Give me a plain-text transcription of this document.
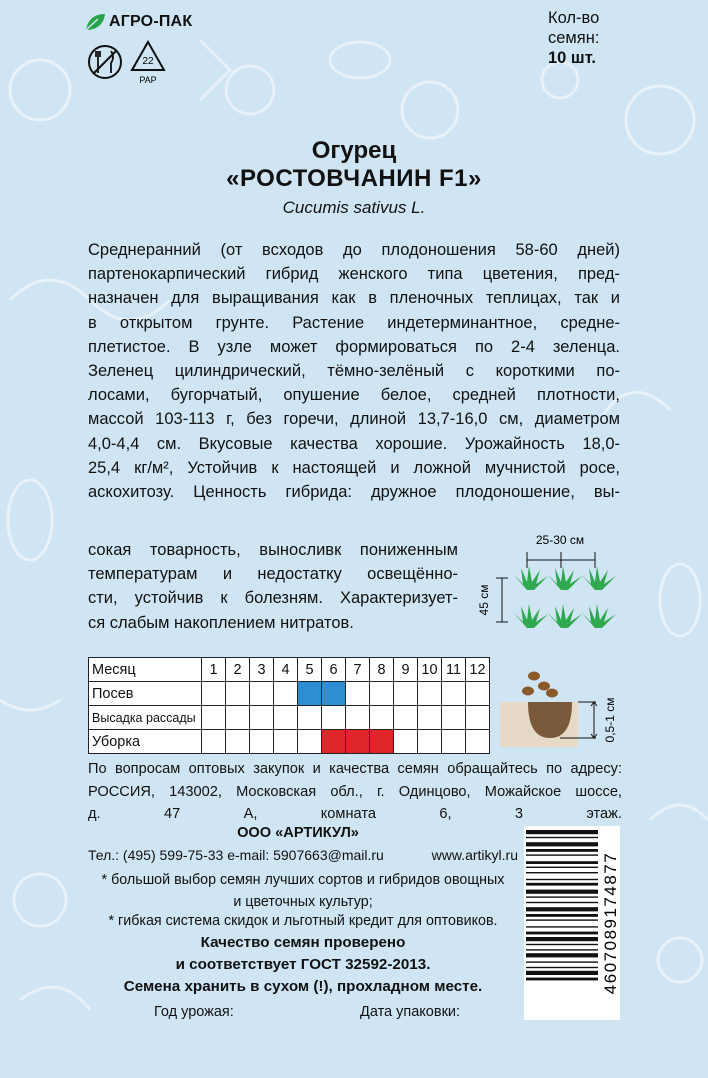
АГРО-ПАК
22
PAP
Кол-во
семян:
10 шт.
Огурец
«РОСТОВЧАНИН F1»
Cucumis sativus L.
Среднеранний (от всходов до плодоношения 58-60 дней)
партенокарпический гибрид женского типа цветения, пред-
назначен для выращивания как в пленочных теплицах, так и
в открытом грунте. Растение индетерминантное, средне-
плетистое. В узле может формироваться по 2-4 зеленца.
Зеленец цилиндрический, тёмно-зелёный с короткими по-
лосами, бугорчатый, опушение белое, средней плотности,
массой 103-113 г, без горечи, длиной 13,7-16,0 см, диаметром
4,0-4,4 см. Вкусовые качества хорошие. Урожайность 18,0-
25,4 кг/м², Устойчив к настоящей и ложной мучнистой росе,
аскохитозу. Ценность гибрида: дружное плодоношение, вы-
сокая товарность, выносливк пониженным
температурам и недостатку освещённо-
сти, устойчив к болезням. Характеризует-
ся слабым накоплением нитратов.
25-30 см
45 см
Месяц	1	2	3	4	5	6	7	8	9	10	11	12
Посев												
Высадка рассады												
Уборка													0,5-1 см
По вопросам оптовых закупок и качества семян обращайтесь по адресу:
РОССИЯ, 143002, Московская обл., г. Одинцово, Можайское шоссе,
д. 47 А, комната 6, 3 этаж.
ООО «АРТИКУЛ»
Тел.: (495) 599-75-33 e-mail: 5907663@mail.ru	www.artikyl.ru
* большой выбор семян лучших сортов и гибридов овощных
и цветочных культур;
* гибкая система скидок и льготный кредит для оптовиков.
Качество семян проверено
и соответствует ГОСТ 32592-2013.
Семена хранить в сухом (!), прохладном месте.
Год урожая:	Дата упаковки:
4607089174877
